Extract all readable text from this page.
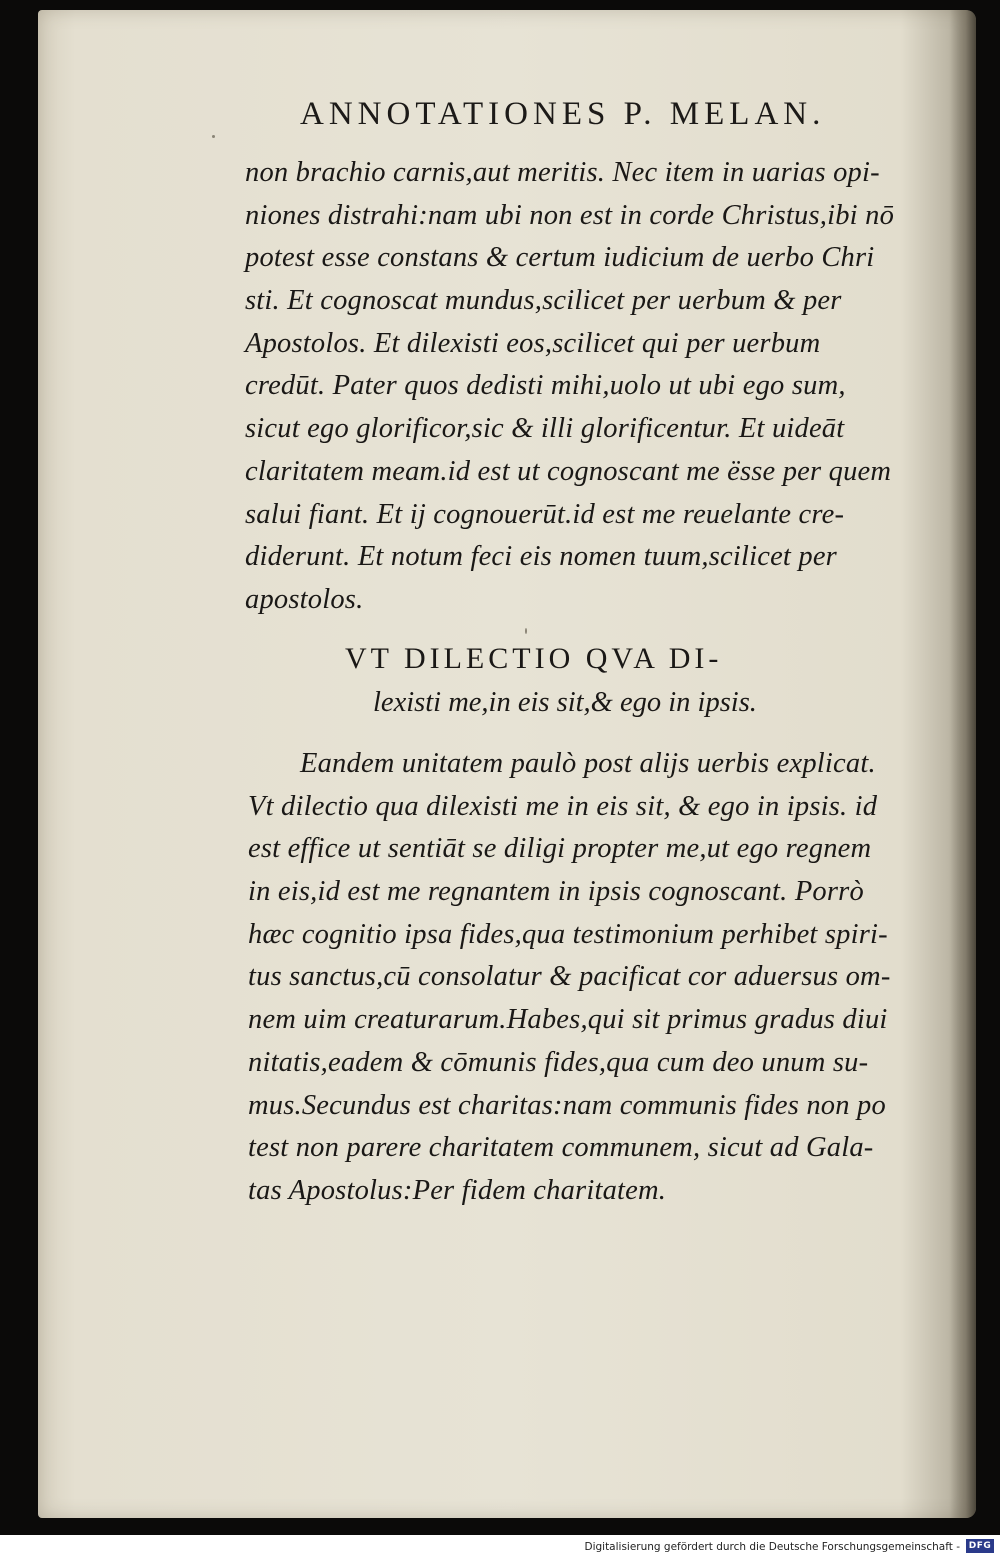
ANNOTATIONES P. MELAN.
non brachio carnis,aut meritis. Nec item in uarias opi-
niones distrahi:nam ubi non est in corde Christus,ibi nō
potest esse constans & certum iudicium de uerbo Chri
sti. Et cognoscat mundus,scilicet per uerbum & per
Apostolos. Et dilexisti eos,scilicet qui per uerbum
credūt. Pater quos dedisti mihi,uolo ut ubi ego sum,
sicut ego glorificor,sic & illi glorificentur. Et uideāt
claritatem meam.id est ut cognoscant me ësse per quem
salui fiant. Et ij cognouerūt.id est me reuelante cre-
diderunt. Et notum feci eis nomen tuum,scilicet per
apostolos.
VT DILECTIO QVA DI-
lexisti me,in eis sit,& ego in ipsis.
Eandem unitatem paulò post alijs uerbis explicat.
Vt dilectio qua dilexisti me in eis sit, & ego in ipsis. id
est effice ut sentiāt se diligi propter me,ut ego regnem
in eis,id est me regnantem in ipsis cognoscant. Porrò
hæc cognitio ipsa fides,qua testimonium perhibet spiri-
tus sanctus,cū consolatur & pacificat cor aduersus om-
nem uim creaturarum.Habes,qui sit primus gradus diui
nitatis,eadem & cōmunis fides,qua cum deo unum su-
mus.Secundus est charitas:nam communis fides non po
test non parere charitatem communem, sicut ad Gala-
tas Apostolus:Per fidem charitatem.
Digitalisierung gefördert durch die Deutsche Forschungsgemeinschaft - DFG
